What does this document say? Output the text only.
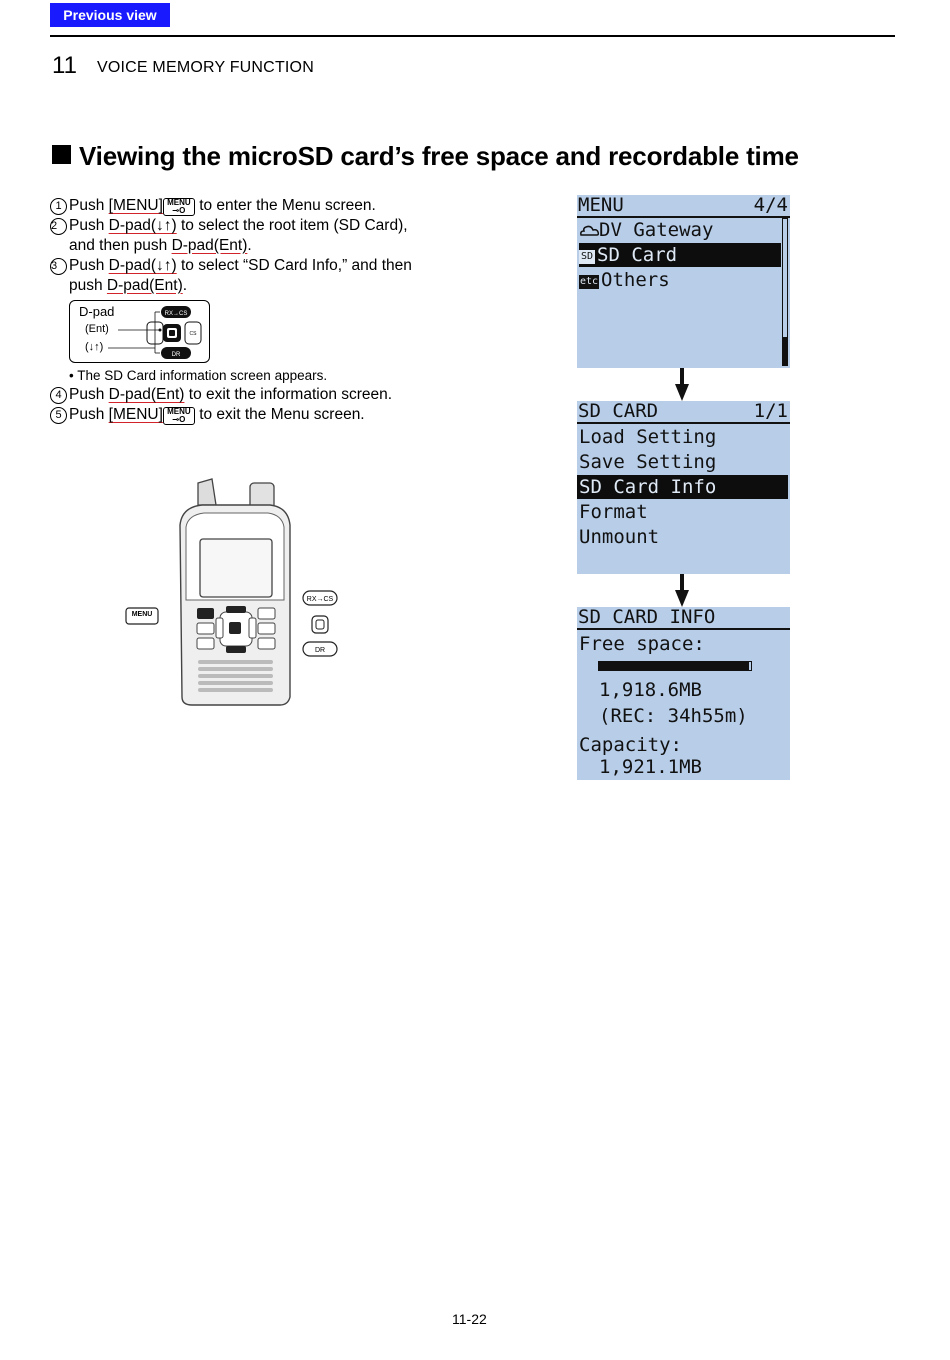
Previous view
11 VOICE MEMORY FUNCTION
Viewing the microSD card’s free space and recordable time
1 Push [MENU] MENU
⊸O to enter the Menu screen.
2 Push D-pad(↓↑) to select the root item (SD Card),
and then push D-pad(Ent).
3 Push D-pad(↓↑) to select “SD Card Info,” and then
push D-pad(Ent).
D-pad
(Ent)
(↓↑)
RX→CS
DR
CS
• The SD Card information screen appears.
4 Push D-pad(Ent) to exit the information screen.
5 Push [MENU] MENU
⊸O to exit the Menu screen.
MENU
RX→CS
DR
MENU	4/4
DV Gateway
SD SD Card
etc Others
SD CARD	1/1
Load Setting
Save Setting
SD Card Info
Format
Unmount
SD CARD INFO
Free space:
1,918.6MB
(REC: 34h55m)
Capacity:
1,921.1MB
11-22
